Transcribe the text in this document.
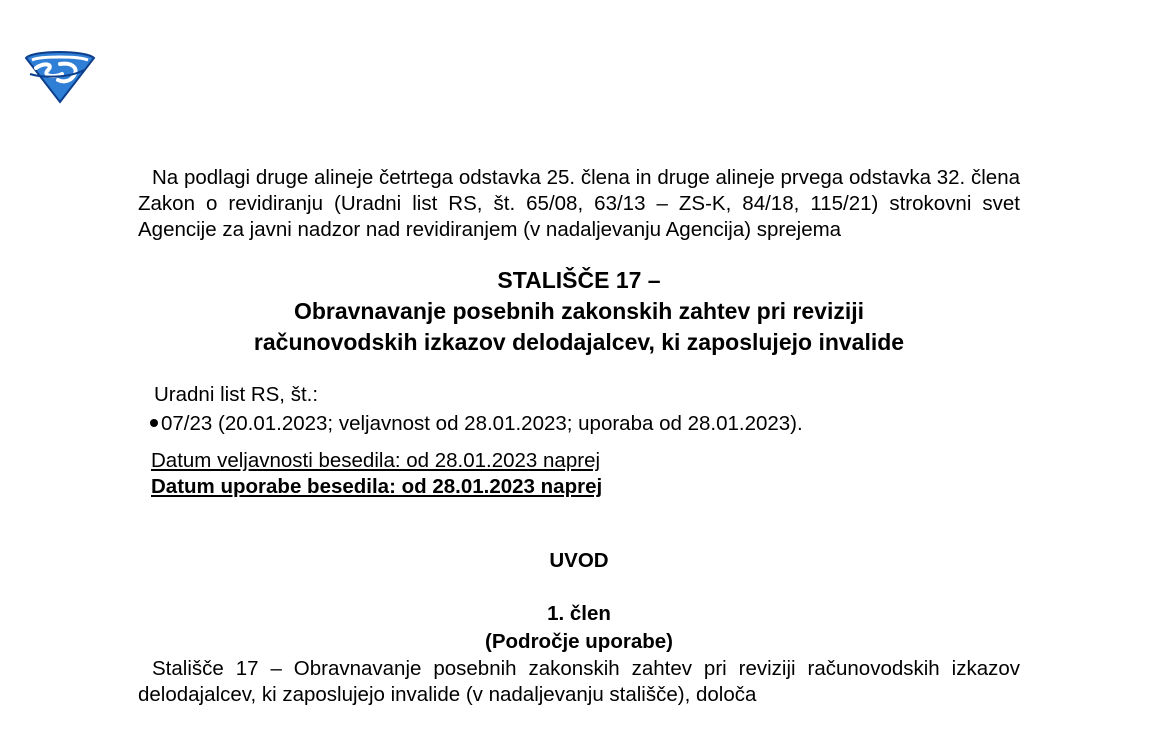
Na podlagi druge alineje četrtega odstavka 25. člena in druge alineje prvega odstavka 32. člena Zakon o revidiranju (Uradni list RS, št. 65/08, 63/13 – ZS-K, 84/18, 115/21) strokovni svet Agencije za javni nadzor nad revidiranjem (v nadaljevanju Agencija) sprejema

STALIŠČE 17 –
Obravnavanje posebnih zakonskih zahtev pri reviziji
računovodskih izkazov delodajalcev, ki zaposlujejo invalide
Uradni list RS, št.:
07/23 (20.01.2023; veljavnost od 28.01.2023; uporaba od 28.01.2023).
Datum veljavnosti besedila: od 28.01.2023 naprej
Datum uporabe besedila: od 28.01.2023 naprej
UVOD
1. člen
(Področje uporabe)

Stališče 17 – Obravnavanje posebnih zakonskih zahtev pri reviziji računovodskih izkazov delodajalcev, ki zaposlujejo invalide (v nadaljevanju stališče), določa
